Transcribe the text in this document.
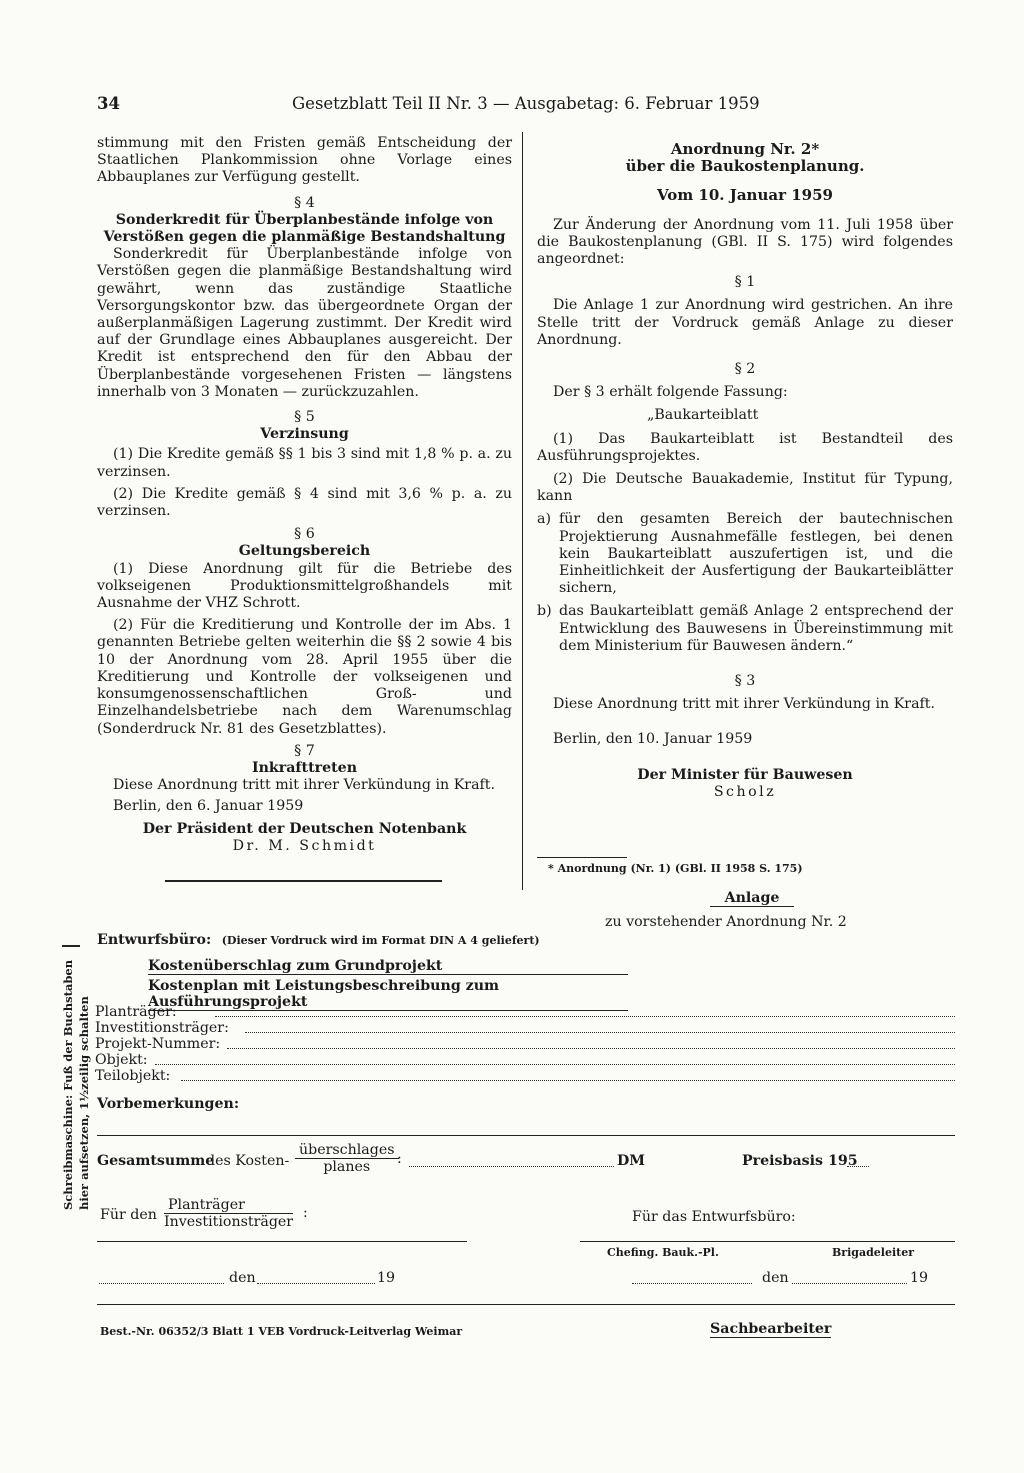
34	Gesetzblatt Teil II Nr. 3 — Ausgabetag: 6. Februar 1959

stimmung mit den Fristen gemäß Entscheidung der Staatlichen Plankommission ohne Vorlage eines Abbauplanes zur Verfügung gestellt.

§ 4

Sonderkredit für Überplanbestände infolge von Verstößen gegen die planmäßige Bestandshaltung

Sonderkredit für Überplanbestände infolge von Verstößen gegen die planmäßige Bestandshaltung wird gewährt, wenn das zuständige Staatliche Versorgungskontor bzw. das übergeordnete Organ der außerplanmäßigen Lagerung zustimmt. Der Kredit wird auf der Grundlage eines Abbauplanes ausgereicht. Der Kredit ist entsprechend den für den Abbau der Überplanbestände vorgesehenen Fristen — längstens innerhalb von 3 Monaten — zurückzuzahlen.

§ 5

Verzinsung

(1) Die Kredite gemäß §§ 1 bis 3 sind mit 1,8 % p. a. zu verzinsen.

(2) Die Kredite gemäß § 4 sind mit 3,6 % p. a. zu verzinsen.

§ 6

Geltungsbereich

(1) Diese Anordnung gilt für die Betriebe des volkseigenen Produktionsmittelgroßhandels mit Ausnahme der VHZ Schrott.

(2) Für die Kreditierung und Kontrolle der im Abs. 1 genannten Betriebe gelten weiterhin die §§ 2 sowie 4 bis 10 der Anordnung vom 28. April 1955 über die Kreditierung und Kontrolle der volkseigenen und konsumgenossenschaftlichen Groß- und Einzelhandelsbetriebe nach dem Warenumschlag (Sonderdruck Nr. 81 des Gesetzblattes).

§ 7

Inkrafttreten

Diese Anordnung tritt mit ihrer Verkündung in Kraft.

Berlin, den 6. Januar 1959

Der Präsident der Deutschen Notenbank

Dr. M. Schmidt

Anordnung Nr. 2*

über die Baukostenplanung.

Vom 10. Januar 1959

Zur Änderung der Anordnung vom 11. Juli 1958 über die Baukostenplanung (GBl. II S. 175) wird folgendes angeordnet:

§ 1

Die Anlage 1 zur Anordnung wird gestrichen. An ihre Stelle tritt der Vordruck gemäß Anlage zu dieser Anordnung.

§ 2

Der § 3 erhält folgende Fassung:

„Baukarteiblatt

(1) Das Baukarteiblatt ist Bestandteil des Ausführungsprojektes.

(2) Die Deutsche Bauakademie, Institut für Typung, kann

a) für den gesamten Bereich der bautechnischen Projektierung Ausnahmefälle festlegen, bei denen kein Baukarteiblatt auszufertigen ist, und die Einheitlichkeit der Ausfertigung der Baukarteiblätter sichern,

b) das Baukarteiblatt gemäß Anlage 2 entsprechend der Entwicklung des Bauwesens in Übereinstimmung mit dem Ministerium für Bauwesen ändern.“

§ 3

Diese Anordnung tritt mit ihrer Verkündung in Kraft.

Berlin, den 10. Januar 1959

Der Minister für Bauwesen

Scholz

* Anordnung (Nr. 1) (GBl. II 1958 S. 175)
Anlage
zu vorstehender Anordnung Nr. 2
Entwurfsbüro: (Dieser Vordruck wird im Format DIN A 4 geliefert)
Kostenüberschlag zum Grundprojekt
Kostenplan mit Leistungsbeschreibung zum Ausführungsprojekt
Planträger:
Investitionsträger:
Projekt-Nummer:
Objekt:
Teilobjekt:
Vorbemerkungen:
Gesamtsumme
des Kosten-
überschlages
planes	:	DM	Preisbasis 195
Für den
Planträger
Investitionsträger
:	Für das Entwurfsbüro:
Chefing. Bauk.-Pl.	Brigadeleiter
den	19	den	19
Best.-Nr. 06352/3 Blatt 1 VEB Vordruck-Leitverlag Weimar	Sachbearbeiter
Schreibmaschine: Fuß der Buchstaben hier aufsetzen, 1½zeilig schalten
